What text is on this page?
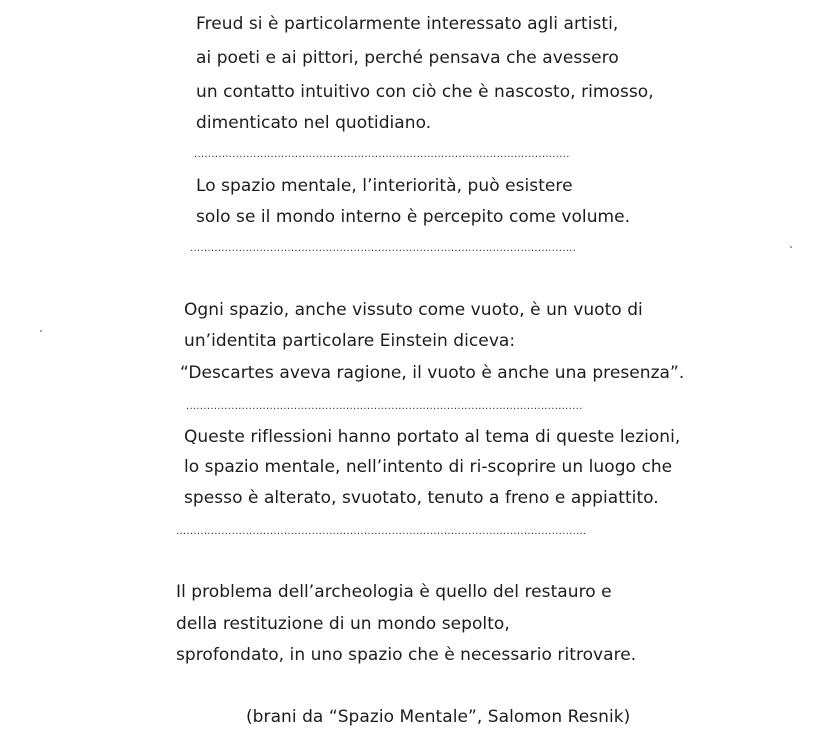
Freud si è particolarmente interessato agli artisti,
ai poeti e ai pittori, perché pensava che avessero
un contatto intuitivo con ciò che è nascosto, rimosso,
dimenticato nel quotidiano.
............................................................................................................
Lo spazio mentale, l’interiorità, può esistere
solo se il mondo interno è percepito come volume.
...............................................................................................................
Ogni spazio, anche vissuto come vuoto, è un vuoto di
un’identita particolare Einstein diceva:
“Descartes aveva ragione, il vuoto è anche una presenza”.
..................................................................................................................
Queste riflessioni hanno portato al tema di queste lezioni,
lo spazio mentale, nell’intento di ri-scoprire un luogo che
spesso è alterato, svuotato, tenuto a freno e appiattito.
......................................................................................................................
Il problema dell’archeologia è quello del restauro e
della restituzione di un mondo sepolto,
sprofondato, in uno spazio che è necessario ritrovare.
(brani da “Spazio Mentale”, Salomon Resnik)
